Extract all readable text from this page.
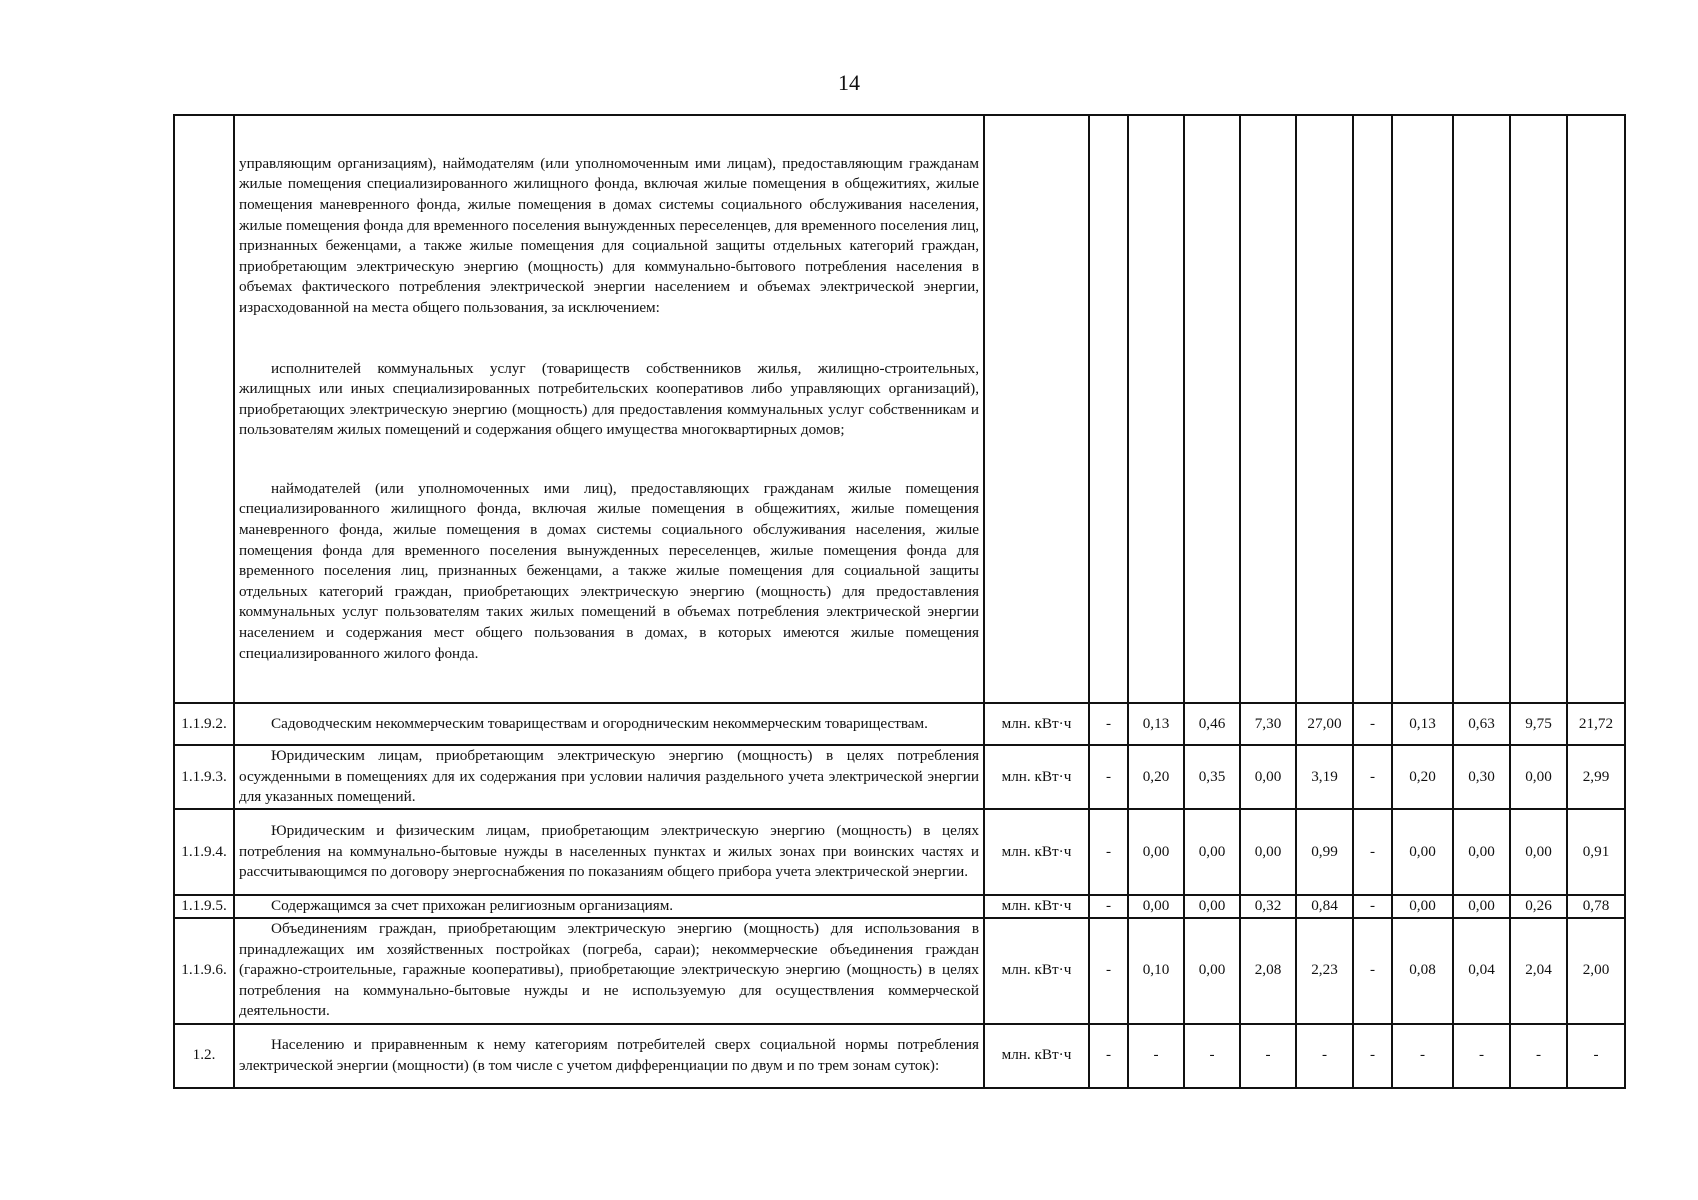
14

	управляющим организациям), наймодателям (или уполномоченным ими лицам), предоставляющим гражданам жилые помещения специализированного жилищного фонда, включая жилые помещения в общежитиях, жилые помещения маневренного фонда, жилые помещения в домах системы социального обслуживания населения, жилые помещения фонда для временного поселения вынужденных переселенцев, для временного поселения лиц, признанных беженцами, а также жилые помещения для социальной защиты отдельных категорий граждан, приобретающим электрическую энергию (мощность) для коммунально-бытового потребления населения в объемах фактического потребления электрической энергии населением и объемах электрической энергии, израсходованной на места общего пользования, за исключением:
исполнителей коммунальных услуг (товариществ собственников жилья, жилищно-строительных, жилищных или иных специализированных потребительских кооперативов либо управляющих организаций), приобретающих электрическую энергию (мощность) для предоставления коммунальных услуг собственникам и пользователям жилых помещений и содержания общего имущества многоквартирных домов;
наймодателей (или уполномоченных ими лиц), предоставляющих гражданам жилые помещения специализированного жилищного фонда, включая жилые помещения в общежитиях, жилые помещения маневренного фонда, жилые помещения в домах системы социального обслуживания населения, жилые помещения фонда для временного поселения вынужденных переселенцев, жилые помещения фонда для временного поселения лиц, признанных беженцами, а также жилые помещения для социальной защиты отдельных категорий граждан, приобретающих электрическую энергию (мощность) для предоставления коммунальных услуг пользователям таких жилых помещений в объемах потребления электрической энергии населением и содержания мест общего пользования в домах, в которых имеются жилые помещения специализированного жилого фонда.											

1.1.9.2.	Садоводческим некоммерческим товариществам и огородническим некоммерческим товариществам.	млн. кВт·ч	-	0,13	0,46	7,30	27,00	-	0,13	0,63	9,75	21,72
1.1.9.3.	Юридическим лицам, приобретающим электрическую энергию (мощность) в целях потребления осужденными в помещениях для их содержания при условии наличия раздельного учета электрической энергии для указанных помещений.	млн. кВт·ч	-	0,20	0,35	0,00	3,19	-	0,20	0,30	0,00	2,99
1.1.9.4.	Юридическим и физическим лицам, приобретающим электрическую энергию (мощность) в целях потребления на коммунально-бытовые нужды в населенных пунктах и жилых зонах при воинских частях и рассчитывающимся по договору энергоснабжения по показаниям общего прибора учета электрической энергии.	млн. кВт·ч	-	0,00	0,00	0,00	0,99	-	0,00	0,00	0,00	0,91
1.1.9.5.	Содержащимся за счет прихожан религиозным организациям.	млн. кВт·ч	-	0,00	0,00	0,32	0,84	-	0,00	0,00	0,26	0,78
1.1.9.6.	Объединениям граждан, приобретающим электрическую энергию (мощность) для использования в принадлежащих им хозяйственных постройках (погреба, сараи); некоммерческие объединения граждан (гаражно-строительные, гаражные кооперативы), приобретающие электрическую энергию (мощность) в целях потребления на коммунально-бытовые нужды и не используемую для осуществления коммерческой деятельности.	млн. кВт·ч	-	0,10	0,00	2,08	2,23	-	0,08	0,04	2,04	2,00
1.2.	Населению и приравненным к нему категориям потребителей сверх социальной нормы потребления электрической энергии (мощности) (в том числе с учетом дифференциации по двум и по трем зонам суток):	млн. кВт·ч	-	-	-	-	-	-	-	-	-	-
